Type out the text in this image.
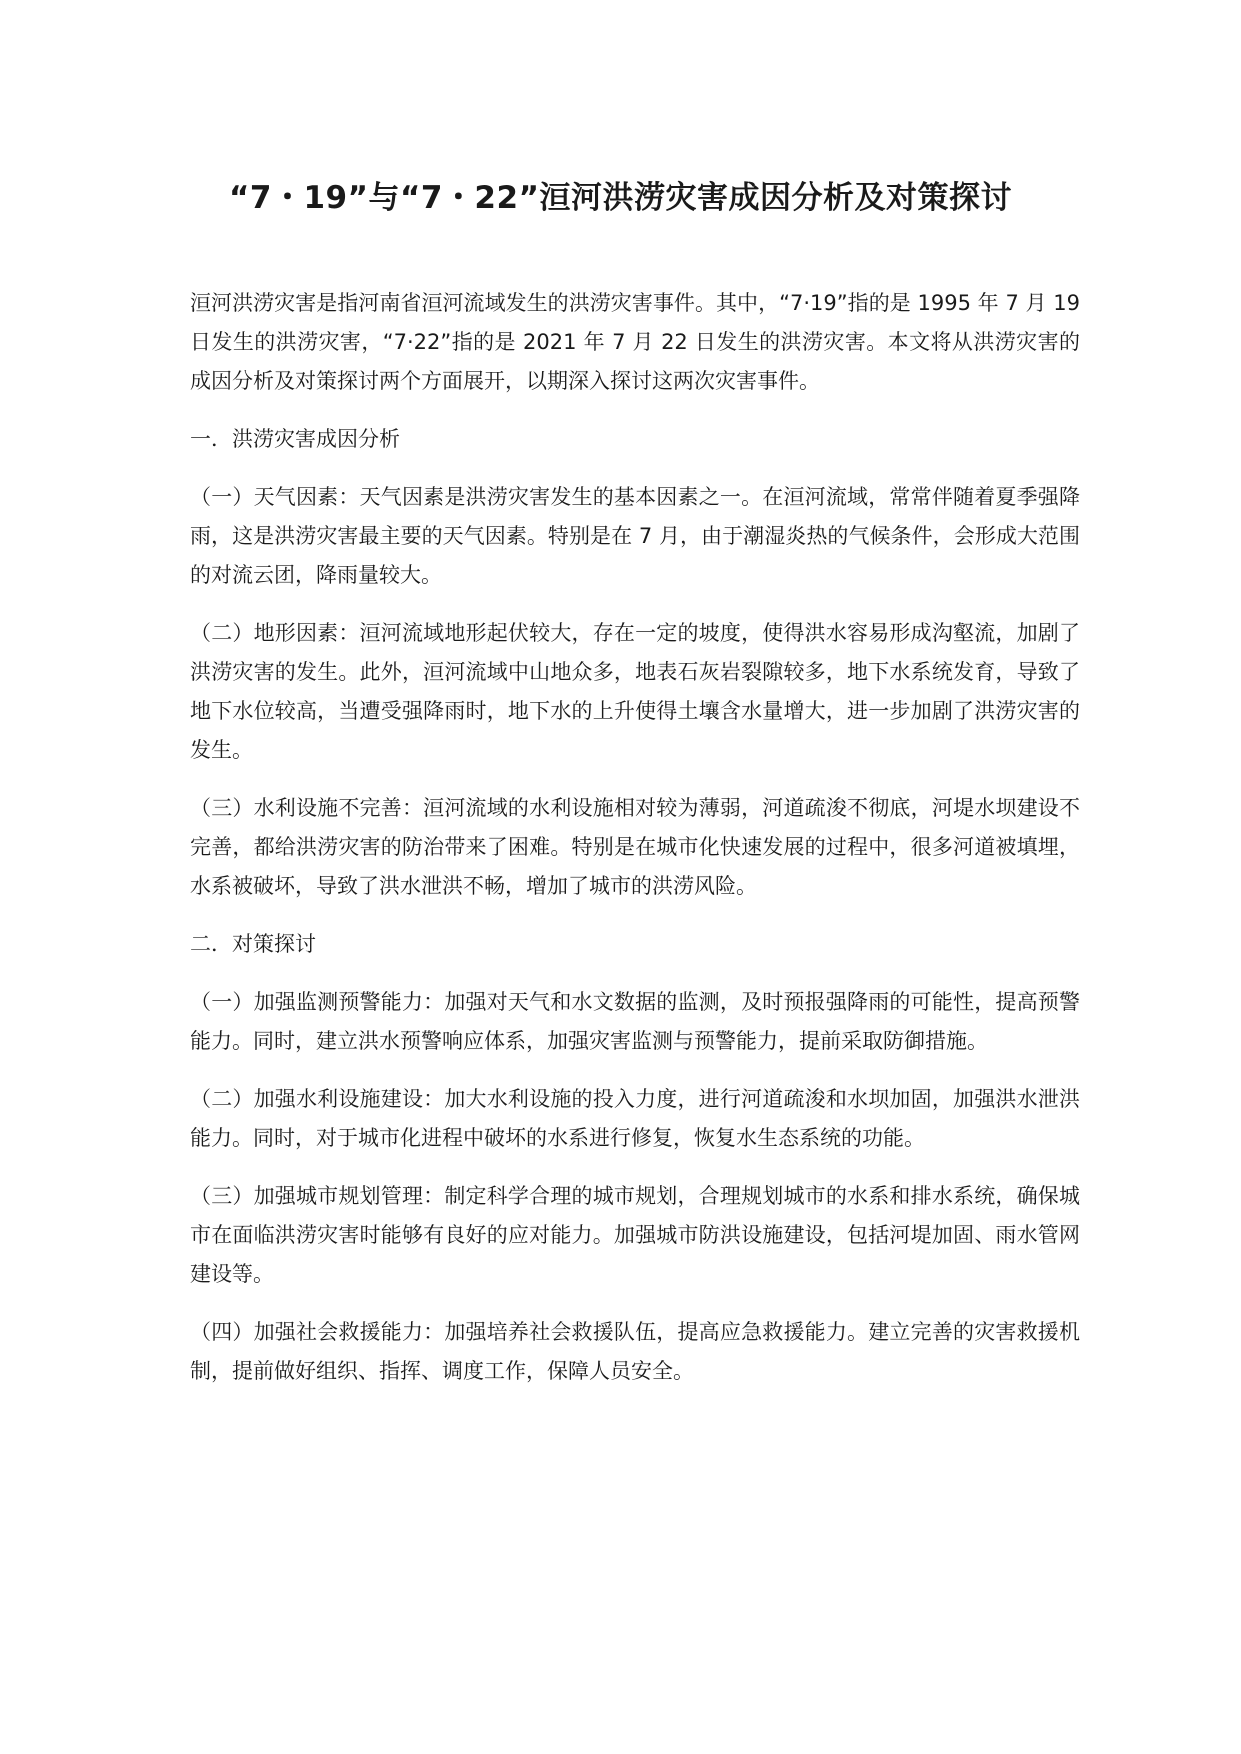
“7・19”与“7・22”洹河洪涝灾害成因分析及对策探讨

洹河洪涝灾害是指河南省洹河流域发生的洪涝灾害事件。其中，“7·19”指的是 1995 年 7 月 19 日发生的洪涝灾害，“7·22”指的是 2021 年 7 月 22 日发生的洪涝灾害。本文将从洪涝灾害的成因分析及对策探讨两个方面展开，以期深入探讨这两次灾害事件。

一．洪涝灾害成因分析

（一）天气因素：天气因素是洪涝灾害发生的基本因素之一。在洹河流域，常常伴随着夏季强降雨，这是洪涝灾害最主要的天气因素。特别是在 7 月，由于潮湿炎热的气候条件，会形成大范围的对流云团，降雨量较大。

（二）地形因素：洹河流域地形起伏较大，存在一定的坡度，使得洪水容易形成沟壑流，加剧了洪涝灾害的发生。此外，洹河流域中山地众多，地表石灰岩裂隙较多，地下水系统发育，导致了地下水位较高，当遭受强降雨时，地下水的上升使得土壤含水量增大，进一步加剧了洪涝灾害的发生。

（三）水利设施不完善：洹河流域的水利设施相对较为薄弱，河道疏浚不彻底，河堤水坝建设不完善，都给洪涝灾害的防治带来了困难。特别是在城市化快速发展的过程中，很多河道被填埋，水系被破坏，导致了洪水泄洪不畅，增加了城市的洪涝风险。

二．对策探讨

（一）加强监测预警能力：加强对天气和水文数据的监测，及时预报强降雨的可能性，提高预警能力。同时，建立洪水预警响应体系，加强灾害监测与预警能力，提前采取防御措施。

（二）加强水利设施建设：加大水利设施的投入力度，进行河道疏浚和水坝加固，加强洪水泄洪能力。同时，对于城市化进程中破坏的水系进行修复，恢复水生态系统的功能。

（三）加强城市规划管理：制定科学合理的城市规划，合理规划城市的水系和排水系统，确保城市在面临洪涝灾害时能够有良好的应对能力。加强城市防洪设施建设，包括河堤加固、雨水管网建设等。

（四）加强社会救援能力：加强培养社会救援队伍，提高应急救援能力。建立完善的灾害救援机制，提前做好组织、指挥、调度工作，保障人员安全。
